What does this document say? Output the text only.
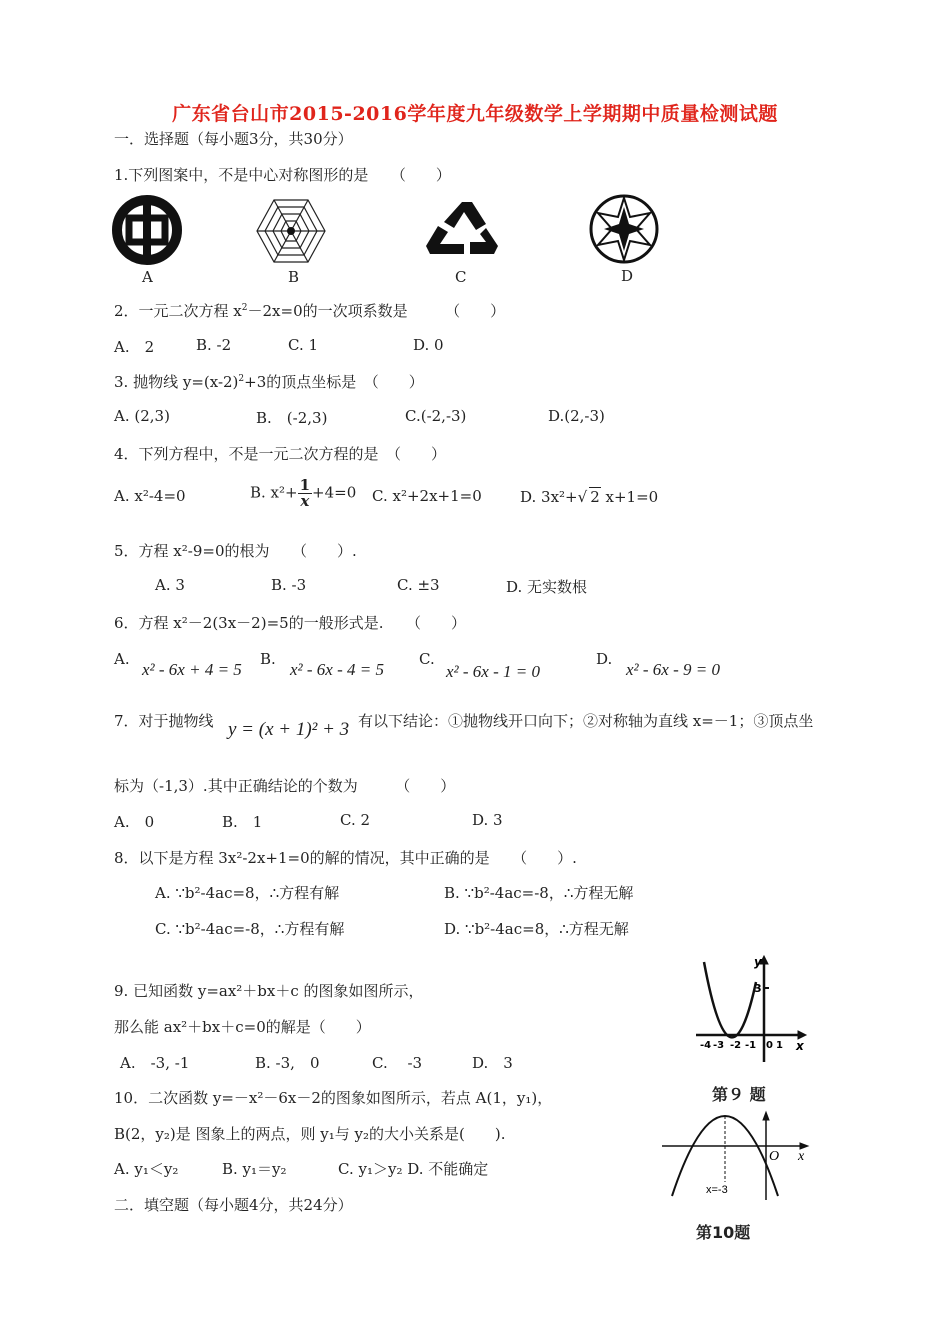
广东省台山市2015-2016学年度九年级数学上学期期中质量检测试题
一．选择题（每小题3分，共30分）
1.下列图案中，不是中心对称图形的是　　（　　）
A	B	C	D
2．一元二次方程 $x^2-2x=0$的一次项系数是　　　（　　）
A.　2	B. -2	C. 1	D. 0
3. 抛物线 $y=(x-2)^2+3$的顶点坐标是　（　　）
A. (2,3)	B.　(-2,3)	C.(-2,-3)	D.(2,-3)
4．下列方程中，不是一元二次方程的是　（　　）
A. x²-4=0	B. $x^2+ \frac{1}{x} +4=0$ C. x²+2x+1=0	D. 3x²+√ 2 x+1=0
5．方程 x²-9=0的根为　　（　　）.
A. 3	B. -3	C. ±3	D. 无实数根
6．方程 x²－2(3x－2)=5的一般形式是.　　（　　）
A.
x² - 6x + 4 = 5
B.
x² - 6x - 4 = 5
C.
x² - 6x - 1 = 0
D.
x² - 6x - 9 = 0
7．对于抛物线 y = (x + 1)² + 3 有以下结论：①抛物线开口向下；②对称轴为直线 x=－1；③顶点坐
标为（-1,3）.其中正确结论的个数为　　　（　　）
A.　0	B.　1	C. 2	D. 3
8．以下是方程 3x²-2x+1=0的解的情况，其中正确的是　　（　　）.
A. ∵b²-4ac=8，∴方程有解	B. ∵b²-4ac=-8，∴方程无解
C. ∵b²-4ac=-8，∴方程有解	D. ∵b²-4ac=8，∴方程无解
9. 已知函数 y=ax²＋bx＋c 的图象如图所示，
那么能 ax²＋bx＋c=0的解是（　　）
A.　-3, -1	B. -3,　0	C.　 -3	D.　3
10．二次函数 y=－x²－6x－2的图象如图所示，若点 A(1，y₁)，
B(2，y₂)是 图象上的两点，则 y₁与 y₂的大小关系是(　　).
A. y₁＜y₂	B. y₁＝y₂	C. y₁＞y₂ D. 不能确定
二．填空题（每小题4分，共24分）
y
x
3
-4 -3 -2 -1 0 1
第９ 题
O x
x=-3
第10题
